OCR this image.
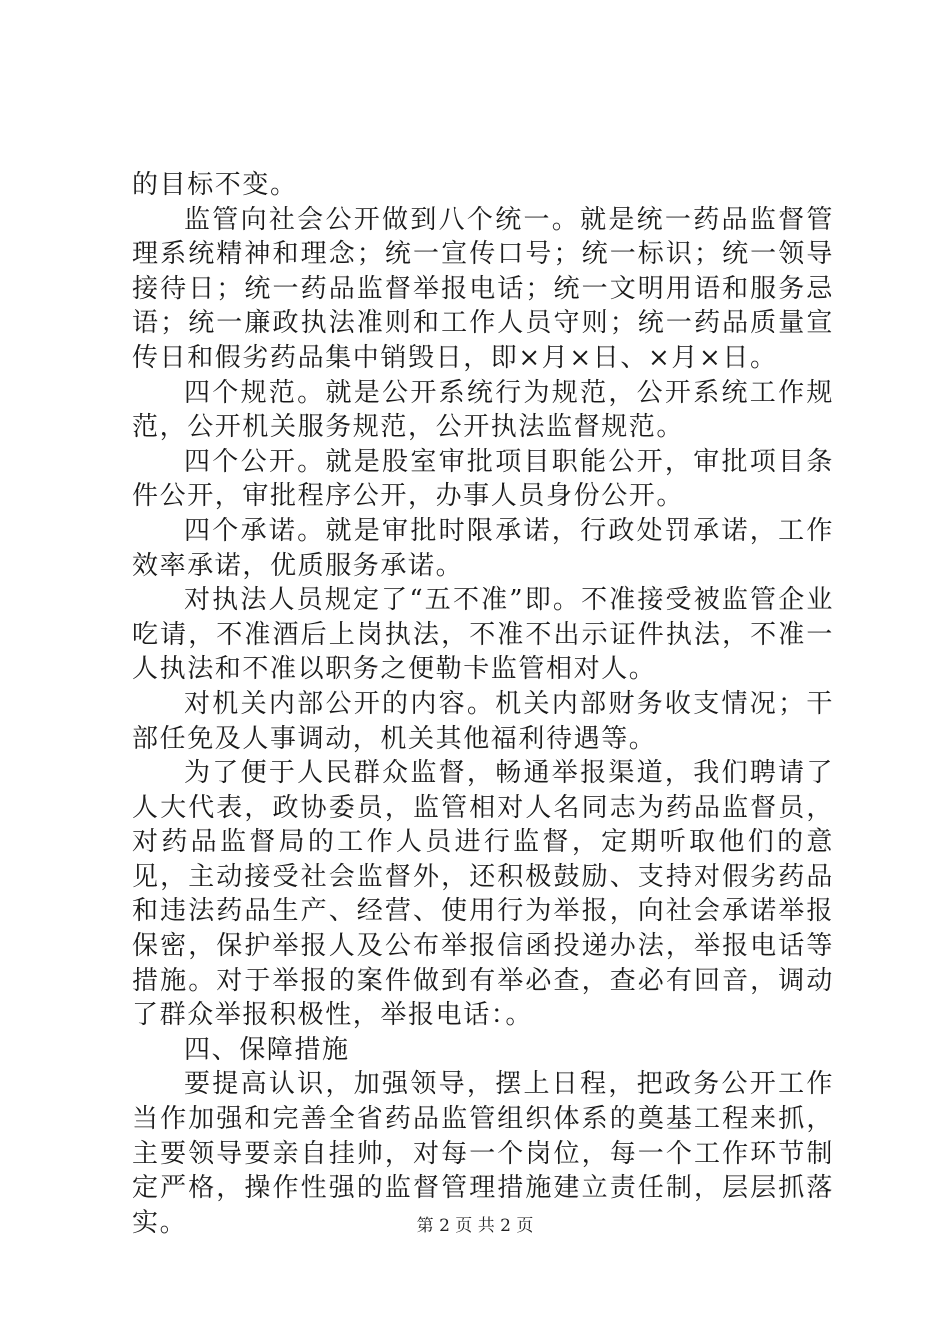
的目标不变。

监管向社会公开做到八个统一。就是统一药品监督管理系统精神和理念；统一宣传口号；统一标识；统一领导接待日；统一药品监督举报电话；统一文明用语和服务忌语；统一廉政执法准则和工作人员守则；统一药品质量宣传日和假劣药品集中销毁日，即×月×日、×月×日。

四个规范。就是公开系统行为规范，公开系统工作规范，公开机关服务规范，公开执法监督规范。

四个公开。就是股室审批项目职能公开，审批项目条件公开，审批程序公开，办事人员身份公开。

四个承诺。就是审批时限承诺，行政处罚承诺，工作效率承诺，优质服务承诺。

对执法人员规定了“五不准”即。不准接受被监管企业吃请，不准酒后上岗执法，不准不出示证件执法，不准一人执法和不准以职务之便勒卡监管相对人。

对机关内部公开的内容。机关内部财务收支情况；干部任免及人事调动，机关其他福利待遇等。

为了便于人民群众监督，畅通举报渠道，我们聘请了人大代表，政协委员，监管相对人名同志为药品监督员，对药品监督局的工作人员进行监督，定期听取他们的意见，主动接受社会监督外，还积极鼓励、支持对假劣药品和违法药品生产、经营、使用行为举报，向社会承诺举报保密，保护举报人及公布举报信函投递办法，举报电话等措施。对于举报的案件做到有举必查，查必有回音，调动了群众举报积极性，举报电话：。

四、保障措施

要提高认识，加强领导，摆上日程，把政务公开工作当作加强和完善全省药品监管组织体系的奠基工程来抓，主要领导要亲自挂帅，对每一个岗位，每一个工作环节制定严格，操作性强的监督管理措施建立责任制，层层抓落实。	第 2 页 共 2 页
